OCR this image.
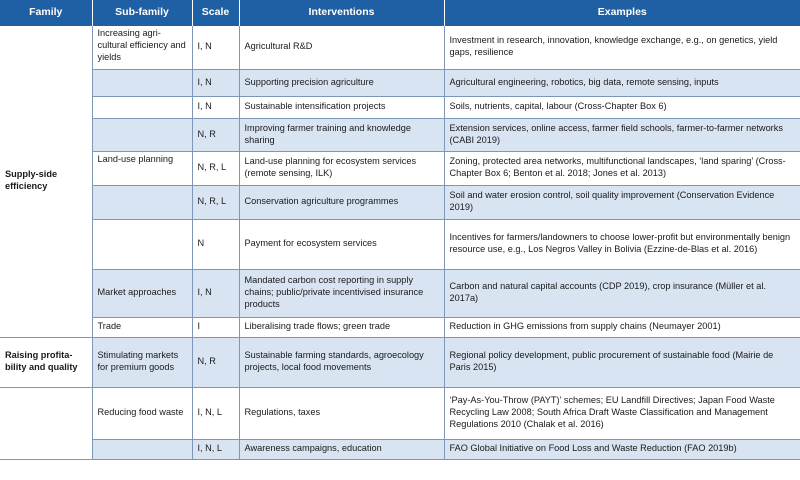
Family	Sub-family	Scale	Interventions	Examples
Supply-side efficiency	Increasing agri-cultural efficiency and yields	I, N	Agricultural R&D	Investment in research, innovation, knowledge exchange, e.g., on genetics, yield gaps, resilience
		I, N	Supporting precision agriculture	Agricultural engineering, robotics, big data, remote sensing, inputs
		I, N	Sustainable intensification projects	Soils, nutrients, capital, labour (Cross-Chapter Box 6)
		N, R	Improving farmer training and knowledge sharing	Extension services, online access, farmer field schools, farmer-to-farmer networks (CABI 2019)
	Land-use planning	N, R, L	Land-use planning for ecosystem services (remote sensing, ILK)	Zoning, protected area networks, multifunctional landscapes, ‘land sparing’ (Cross-Chapter Box 6; Benton et al. 2018; Jones et al. 2013)
		N, R, L	Conservation agriculture programmes	Soil and water erosion control, soil quality improvement (Conservation Evidence 2019)
		N	Payment for ecosystem services	Incentives for farmers/landowners to choose lower-profit but environmentally benign resource use, e.g., Los Negros Valley in Bolivia (Ezzine-de-Blas et al. 2016)
	Market approaches	I, N	Mandated carbon cost reporting in supply chains; public/private incentivised insurance products	Carbon and natural capital accounts (CDP 2019), crop insurance (Müller et al. 2017a)
	Trade	I	Liberalising trade flows; green trade	Reduction in GHG emissions from supply chains (Neumayer 2001)
Raising profita-bility and quality	Stimulating markets for premium goods	N, R	Sustainable farming standards, agroecology projects, local food movements	Regional policy development, public procurement of sustainable food (Mairie de Paris 2015)
	Reducing food waste	I, N, L	Regulations, taxes	‘Pay-As-You-Throw (PAYT)’ schemes; EU Landfill Directives; Japan Food Waste Recycling Law 2008; South Africa Draft Waste Classification and Management Regulations 2010 (Chalak et al. 2016)
		I, N, L	Awareness campaigns, education	FAO Global Initiative on Food Loss and Waste Reduction (FAO 2019b)
